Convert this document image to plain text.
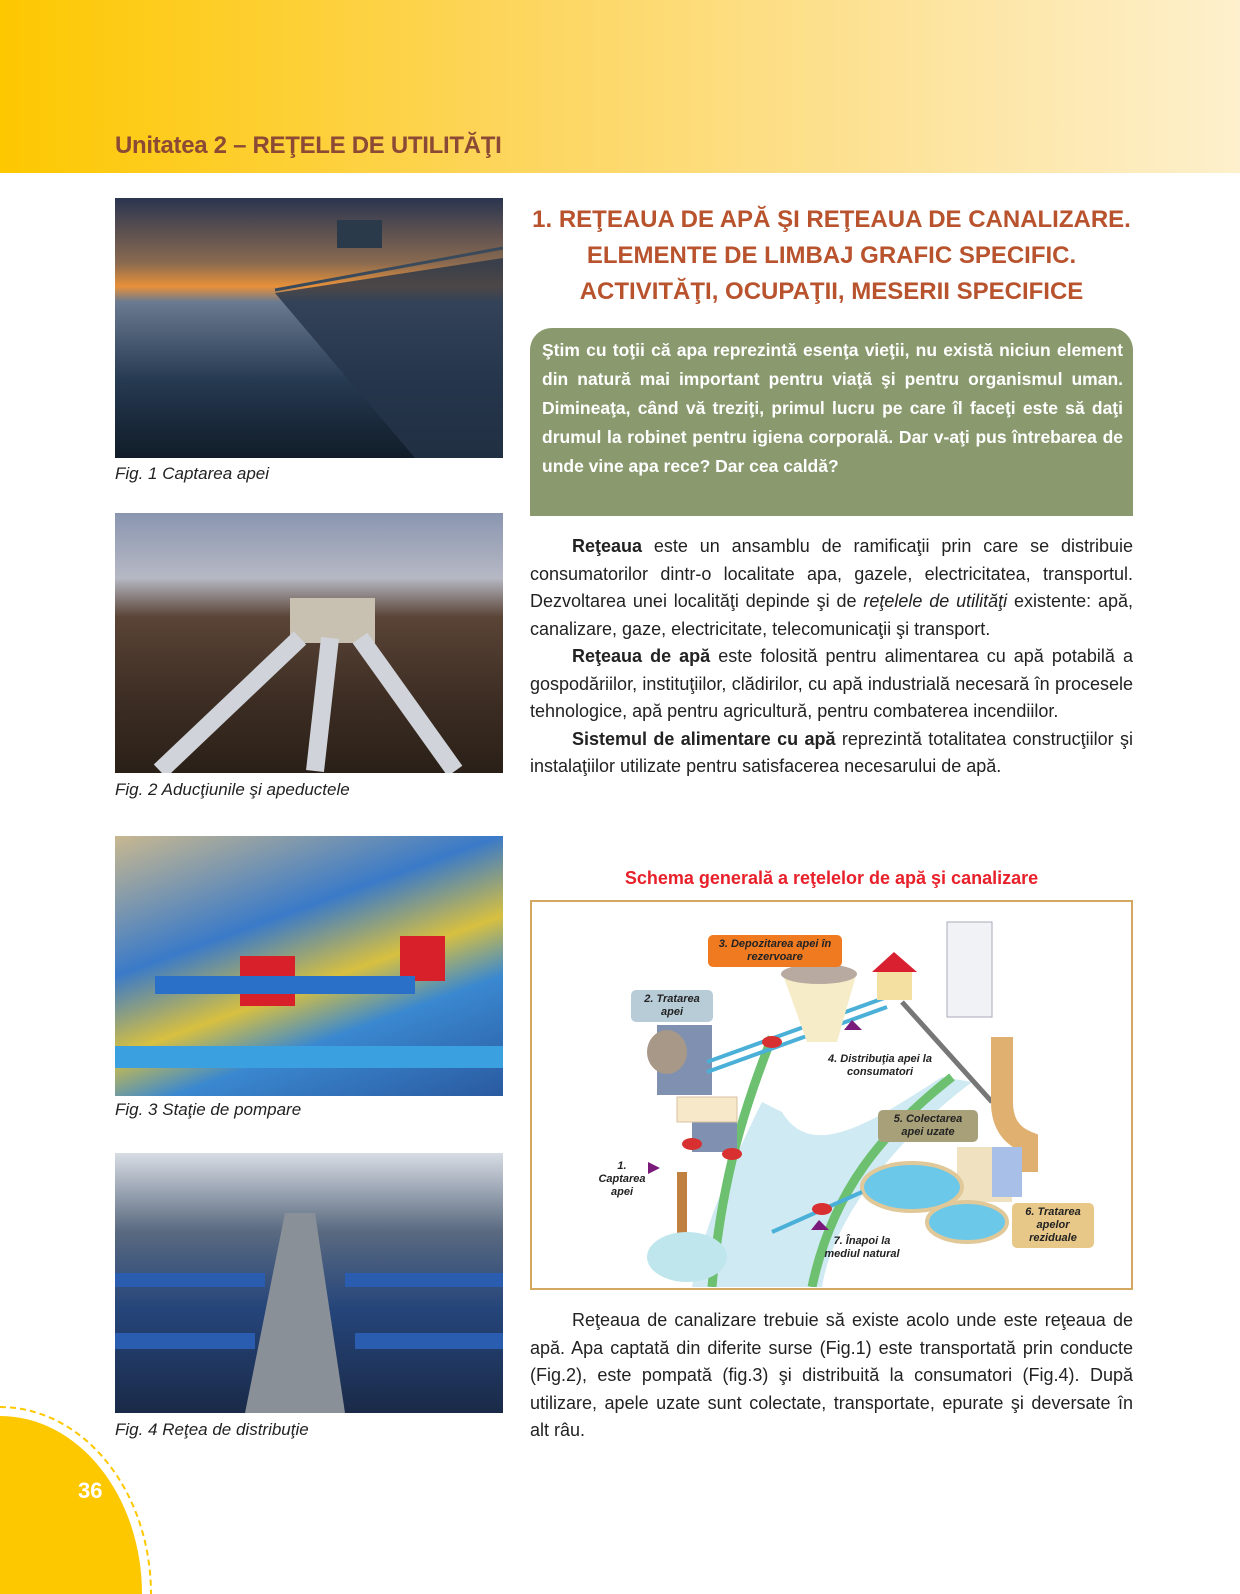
Unitatea 2 – REŢELE DE UTILITĂŢI
Fig. 1 Captarea apei
Fig. 2 Aducţiunile şi apeductele
Fig. 3 Staţie de pompare
Fig. 4 Reţea de distribuţie
1. REŢEAUA DE APĂ ŞI REŢEAUA DE CANALIZARE.
ELEMENTE DE LIMBAJ GRAFIC SPECIFIC.
ACTIVITĂŢI, OCUPAŢII, MESERII SPECIFICE
Ştim cu toţii că apa reprezintă esenţa vieţii, nu există niciun element din natură mai important pentru viaţă şi pentru organismul uman. Dimineaţa, când vă treziţi, primul lucru pe care îl faceţi este să daţi drumul la robinet pentru igiena corporală. Dar v-aţi pus întrebarea de unde vine apa rece? Dar cea caldă?

Reţeaua este un ansamblu de ramificaţii prin care se distribuie consumatorilor dintr-o localitate apa, gazele, electricitatea, transportul. Dezvoltarea unei localităţi depinde şi de reţelele de utilităţi existente: apă, canalizare, gaze, electricitate, telecomunicaţii şi transport.

Reţeaua de apă este folosită pentru alimentarea cu apă potabilă a gospodăriilor, instituţiilor, clădirilor, cu apă industrială necesară în procesele tehnologice, apă pentru agricultură, pentru combaterea incendiilor.

Sistemul de alimentare cu apă reprezintă totalitatea construcţiilor şi instalaţiilor utilizate pentru satisfacerea necesarului de apă.

Schema generală a reţelelor de apă şi canalizare
1. Captarea apei
2. Tratarea apei
3. Depozitarea apei în rezervoare
4. Distribuţia apei la consumatori
5. Colectarea apei uzate
6. Tratarea apelor reziduale
7. Înapoi la mediul natural

Reţeaua de canalizare trebuie să existe acolo unde este reţeaua de apă. Apa captată din diferite surse (Fig.1) este transportată prin conducte (Fig.2), este pompată (fig.3) şi distribuită la consumatori (Fig.4). După utilizare, apele uzate sunt colectate, transportate, epurate şi deversate în alt râu.

36
